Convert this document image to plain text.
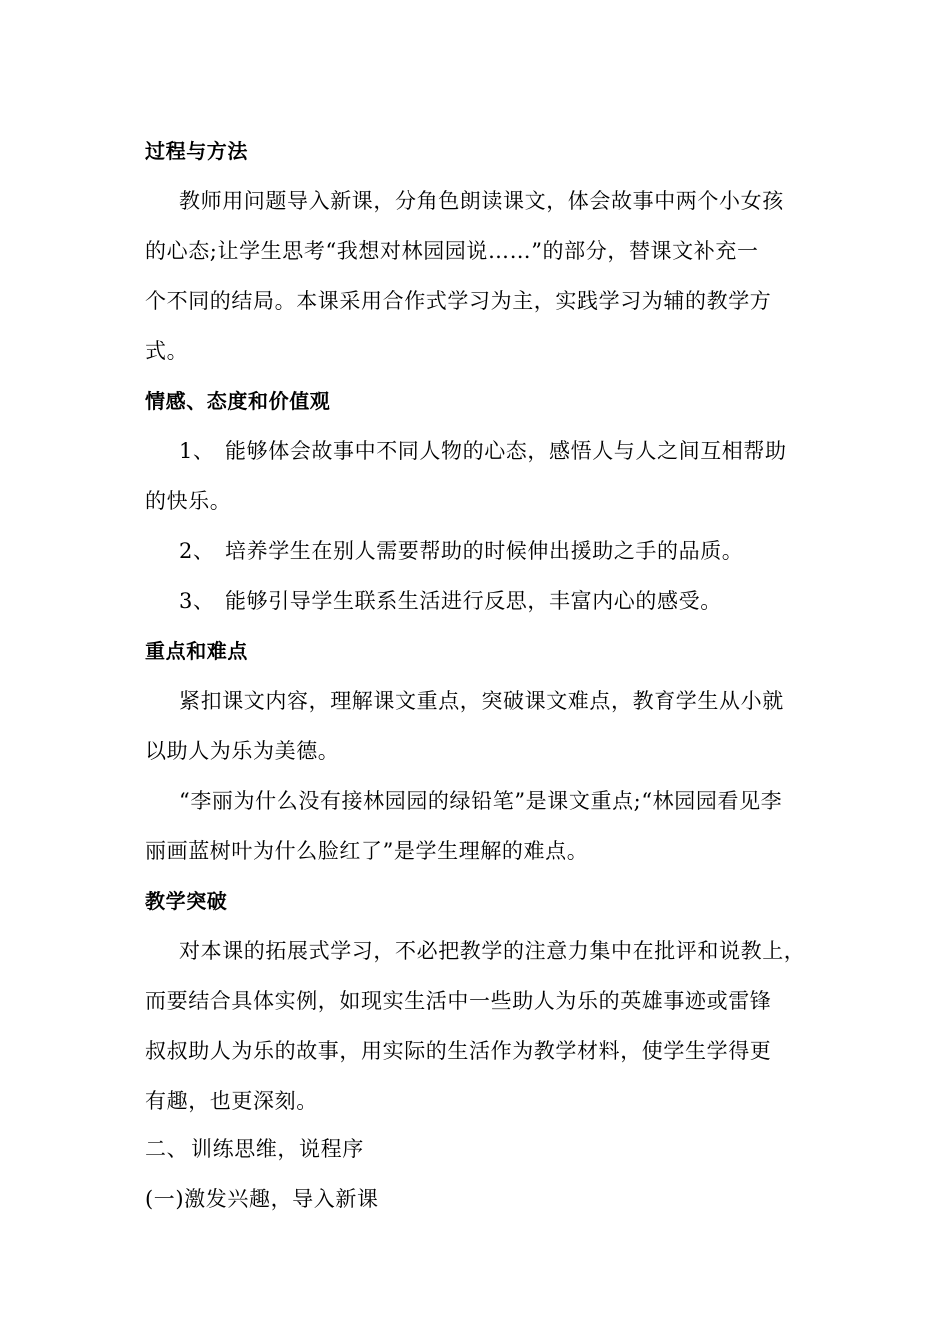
过程与方法
教师用问题导入新课，分角色朗读课文，体会故事中两个小女孩
的心态;让学生思考“我想对林园园说……”的部分，替课文补充一
个不同的结局。本课采用合作式学习为主，实践学习为辅的教学方
式。
情感、态度和价值观
1、 能够体会故事中不同人物的心态，感悟人与人之间互相帮助
的快乐。
2、 培养学生在别人需要帮助的时候伸出援助之手的品质。
3、 能够引导学生联系生活进行反思，丰富内心的感受。
重点和难点
紧扣课文内容，理解课文重点，突破课文难点，教育学生从小就
以助人为乐为美德。
“李丽为什么没有接林园园的绿铅笔”是课文重点;“林园园看见李
丽画蓝树叶为什么脸红了”是学生理解的难点。
教学突破
对本课的拓展式学习，不必把教学的注意力集中在批评和说教上，
而要结合具体实例，如现实生活中一些助人为乐的英雄事迹或雷锋
叔叔助人为乐的故事，用实际的生活作为教学材料，使学生学得更
有趣，也更深刻。
二、 训练思维，说程序
(一)激发兴趣，导入新课
